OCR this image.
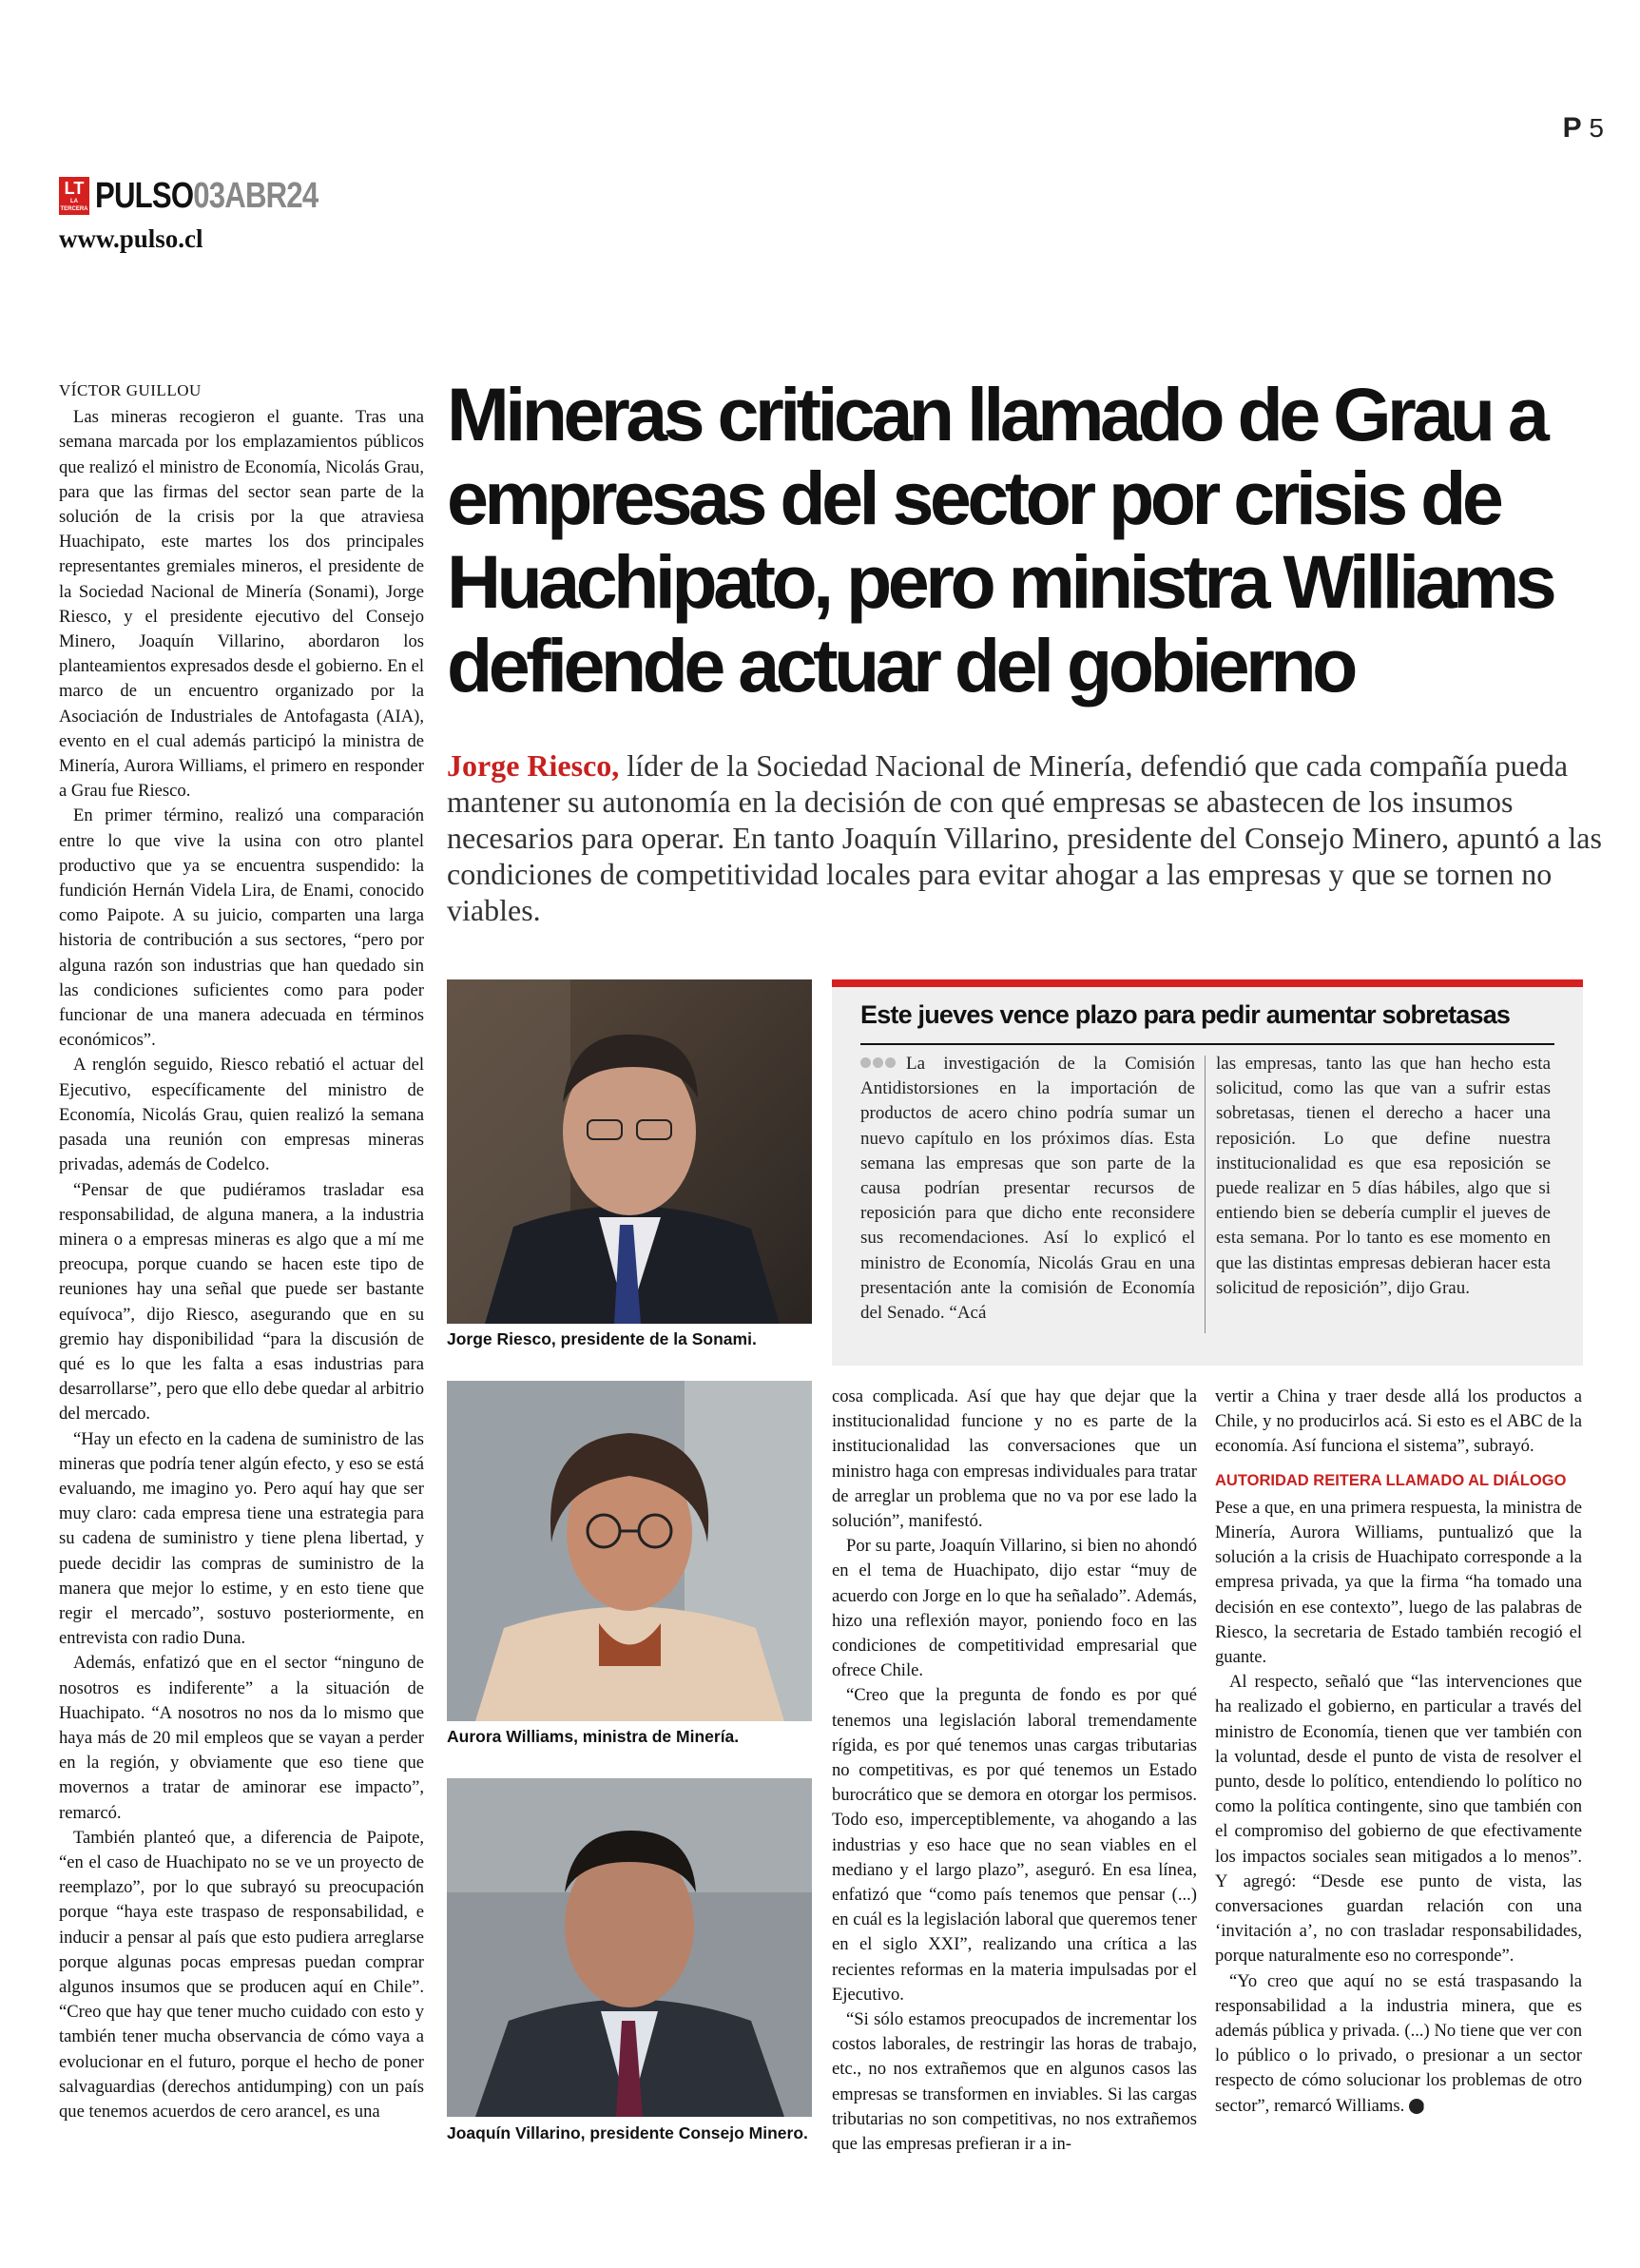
P 5
LT
LA TERCERA PULSO03ABR24
www.pulso.cl
VÍCTOR GUILLOU

Las mineras recogieron el guante. Tras una semana marcada por los emplazamientos públicos que realizó el ministro de Economía, Nicolás Grau, para que las firmas del sector sean parte de la solución de la crisis por la que atraviesa Huachipato, este martes los dos principales representantes gremiales mineros, el presidente de la Sociedad Nacional de Minería (Sonami), Jorge Riesco, y el presidente ejecutivo del Consejo Minero, Joaquín Villarino, abordaron los planteamientos expresados desde el gobierno. En el marco de un encuentro organizado por la Asociación de Industriales de Antofagasta (AIA), evento en el cual además participó la ministra de Minería, Aurora Williams, el primero en responder a Grau fue Riesco.

En primer término, realizó una comparación entre lo que vive la usina con otro plantel productivo que ya se encuentra suspendido: la fundición Hernán Videla Lira, de Enami, conocido como Paipote. A su juicio, comparten una larga historia de contribución a sus sectores, “pero por alguna razón son industrias que han quedado sin las condiciones suficientes como para poder funcionar de una manera adecuada en términos económicos”.

A renglón seguido, Riesco rebatió el actuar del Ejecutivo, específicamente del ministro de Economía, Nicolás Grau, quien realizó la semana pasada una reunión con empresas mineras privadas, además de Codelco.

“Pensar de que pudiéramos trasladar esa responsabilidad, de alguna manera, a la industria minera o a empresas mineras es algo que a mí me preocupa, porque cuando se hacen este tipo de reuniones hay una señal que puede ser bastante equívoca”, dijo Riesco, asegurando que en su gremio hay disponibilidad “para la discusión de qué es lo que les falta a esas industrias para desarrollarse”, pero que ello debe quedar al arbitrio del mercado.

“Hay un efecto en la cadena de suministro de las mineras que podría tener algún efecto, y eso se está evaluando, me imagino yo. Pero aquí hay que ser muy claro: cada empresa tiene una estrategia para su cadena de suministro y tiene plena libertad, y puede decidir las compras de suministro de la manera que mejor lo estime, y en esto tiene que regir el mercado”, sostuvo posteriormente, en entrevista con radio Duna.

Además, enfatizó que en el sector “ninguno de nosotros es indiferente” a la situación de Huachipato. “A nosotros no nos da lo mismo que haya más de 20 mil empleos que se vayan a perder en la región, y obviamente que eso tiene que movernos a tratar de aminorar ese impacto”, remarcó.

También planteó que, a diferencia de Paipote, “en el caso de Huachipato no se ve un proyecto de reemplazo”, por lo que subrayó su preocupación porque “haya este traspaso de responsabilidad, e inducir a pensar al país que esto pudiera arreglarse porque algunas pocas empresas puedan comprar algunos insumos que se producen aquí en Chile”. “Creo que hay que tener mucho cuidado con esto y también tener mucha observancia de cómo vaya a evolucionar en el futuro, porque el hecho de poner salvaguardias (derechos antidumping) con un país que tenemos acuerdos de cero arancel, es una

Mineras critican llamado de Grau a empresas del sector por crisis de Huachipato, pero ministra Williams defiende actuar del gobierno
Jorge Riesco, líder de la Sociedad Nacional de Minería, defendió que cada compañía pueda mantener su autonomía en la decisión de con qué empresas se abastecen de los insumos necesarios para operar. En tanto Joaquín Villarino, presidente del Consejo Minero, apuntó a las condiciones de competitividad locales para evitar ahogar a las empresas y que se tornen no viables.
Jorge Riesco, presidente de la Sonami.
Aurora Williams, ministra de Minería.
Joaquín Villarino, presidente Consejo Minero.
Este jueves vence plazo para pedir aumentar sobretasas
La investigación de la Comisión Antidistorsiones en la importación de productos de acero chino podría sumar un nuevo capítulo en los próximos días. Esta semana las empresas que son parte de la causa podrían presentar recursos de reposición para que dicho ente reconsidere sus recomendaciones. Así lo explicó el ministro de Economía, Nicolás Grau en una presentación ante la comisión de Economía del Senado. “Acá
las empresas, tanto las que han hecho esta solicitud, como las que van a sufrir estas sobretasas, tienen el derecho a hacer una reposición. Lo que define nuestra institucionalidad es que esa reposición se puede realizar en 5 días hábiles, algo que si entiendo bien se debería cumplir el jueves de esta semana. Por lo tanto es ese momento en que las distintas empresas debieran hacer esta solicitud de reposición”, dijo Grau.

cosa complicada. Así que hay que dejar que la institucionalidad funcione y no es parte de la institucionalidad las conversaciones que un ministro haga con empresas individuales para tratar de arreglar un problema que no va por ese lado la solución”, manifestó.

Por su parte, Joaquín Villarino, si bien no ahondó en el tema de Huachipato, dijo estar “muy de acuerdo con Jorge en lo que ha señalado”. Además, hizo una reflexión mayor, poniendo foco en las condiciones de competitividad empresarial que ofrece Chile.

“Creo que la pregunta de fondo es por qué tenemos una legislación laboral tremendamente rígida, es por qué tenemos unas cargas tributarias no competitivas, es por qué tenemos un Estado burocrático que se demora en otorgar los permisos. Todo eso, imperceptiblemente, va ahogando a las industrias y eso hace que no sean viables en el mediano y el largo plazo”, aseguró. En esa línea, enfatizó que “como país tenemos que pensar (...) en cuál es la legislación laboral que queremos tener en el siglo XXI”, realizando una crítica a las recientes reformas en la materia impulsadas por el Ejecutivo.

“Si sólo estamos preocupados de incrementar los costos laborales, de restringir las horas de trabajo, etc., no nos extrañemos que en algunos casos las empresas se transformen en inviables. Si las cargas tributarias no son competitivas, no nos extrañemos que las empresas prefieran ir a in-

vertir a China y traer desde allá los productos a Chile, y no producirlos acá. Si esto es el ABC de la economía. Así funciona el sistema”, subrayó.

AUTORIDAD REITERA LLAMADO AL DIÁLOGO

Pese a que, en una primera respuesta, la ministra de Minería, Aurora Williams, puntualizó que la solución a la crisis de Huachipato corresponde a la empresa privada, ya que la firma “ha tomado una decisión en ese contexto”, luego de las palabras de Riesco, la secretaria de Estado también recogió el guante.

Al respecto, señaló que “las intervenciones que ha realizado el gobierno, en particular a través del ministro de Economía, tienen que ver también con la voluntad, desde el punto de vista de resolver el punto, desde lo político, entendiendo lo político no como la política contingente, sino que también con el compromiso del gobierno de que efectivamente los impactos sociales sean mitigados a lo menos”. Y agregó: “Desde ese punto de vista, las conversaciones guardan relación con una ‘invitación a’, no con trasladar responsabilidades, porque naturalmente eso no corresponde”.

“Yo creo que aquí no se está traspasando la responsabilidad a la industria minera, que es además pública y privada. (...) No tiene que ver con lo público o lo privado, o presionar a un sector respecto de cómo solucionar los problemas de otro sector”, remarcó Williams. P
